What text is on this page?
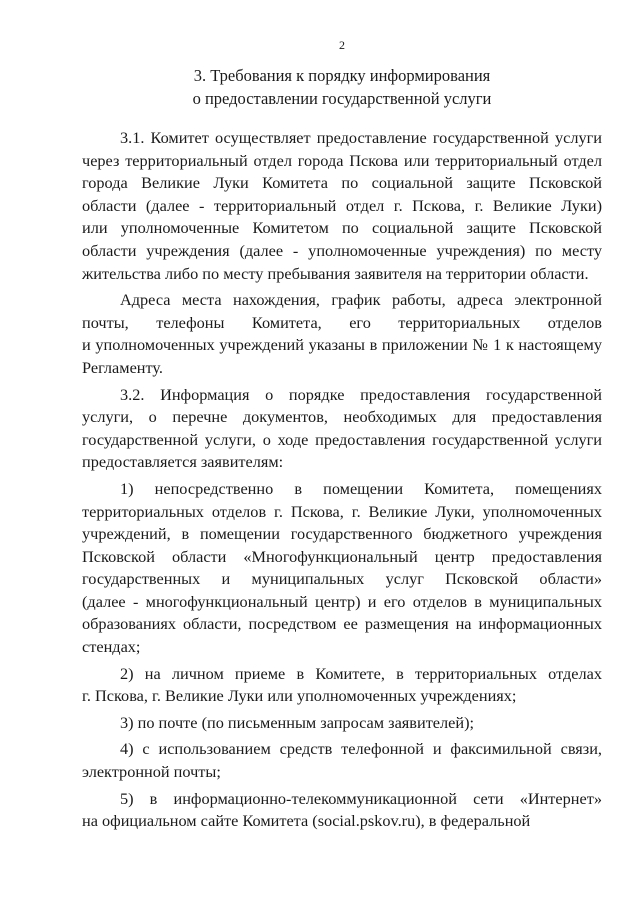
2
3. Требования к порядку информирования
о предоставлении государственной услуги
3.1. Комитет осуществляет предоставление государственной услуги
через территориальный отдел города Пскова или территориальный отдел
города Великие Луки Комитета по социальной защите Псковской
области (далее - территориальный отдел г. Пскова, г. Великие Луки)
или уполномоченные Комитетом по социальной защите Псковской
области учреждения (далее - уполномоченные учреждения) по месту
жительства либо по месту пребывания заявителя на территории области.
Адреса места нахождения, график работы, адреса электронной
почты, телефоны Комитета, его территориальных отделов
и уполномоченных учреждений указаны в приложении № 1 к настоящему
Регламенту.
3.2. Информация о порядке предоставления государственной
услуги, о перечне документов, необходимых для предоставления
государственной услуги, о ходе предоставления государственной услуги
предоставляется заявителям:
1) непосредственно в помещении Комитета, помещениях
территориальных отделов г. Пскова, г. Великие Луки, уполномоченных
учреждений, в помещении государственного бюджетного учреждения
Псковской области «Многофункциональный центр предоставления
государственных и муниципальных услуг Псковской области»
(далее - многофункциональный центр) и его отделов в муниципальных
образованиях области, посредством ее размещения на информационных
стендах;
2) на личном приеме в Комитете, в территориальных отделах
г. Пскова, г. Великие Луки или уполномоченных учреждениях;
3) по почте (по письменным запросам заявителей);
4) с использованием средств телефонной и факсимильной связи,
электронной почты;
5) в информационно-телекоммуникационной сети «Интернет»
на официальном сайте Комитета (social.pskov.ru), в федеральной
